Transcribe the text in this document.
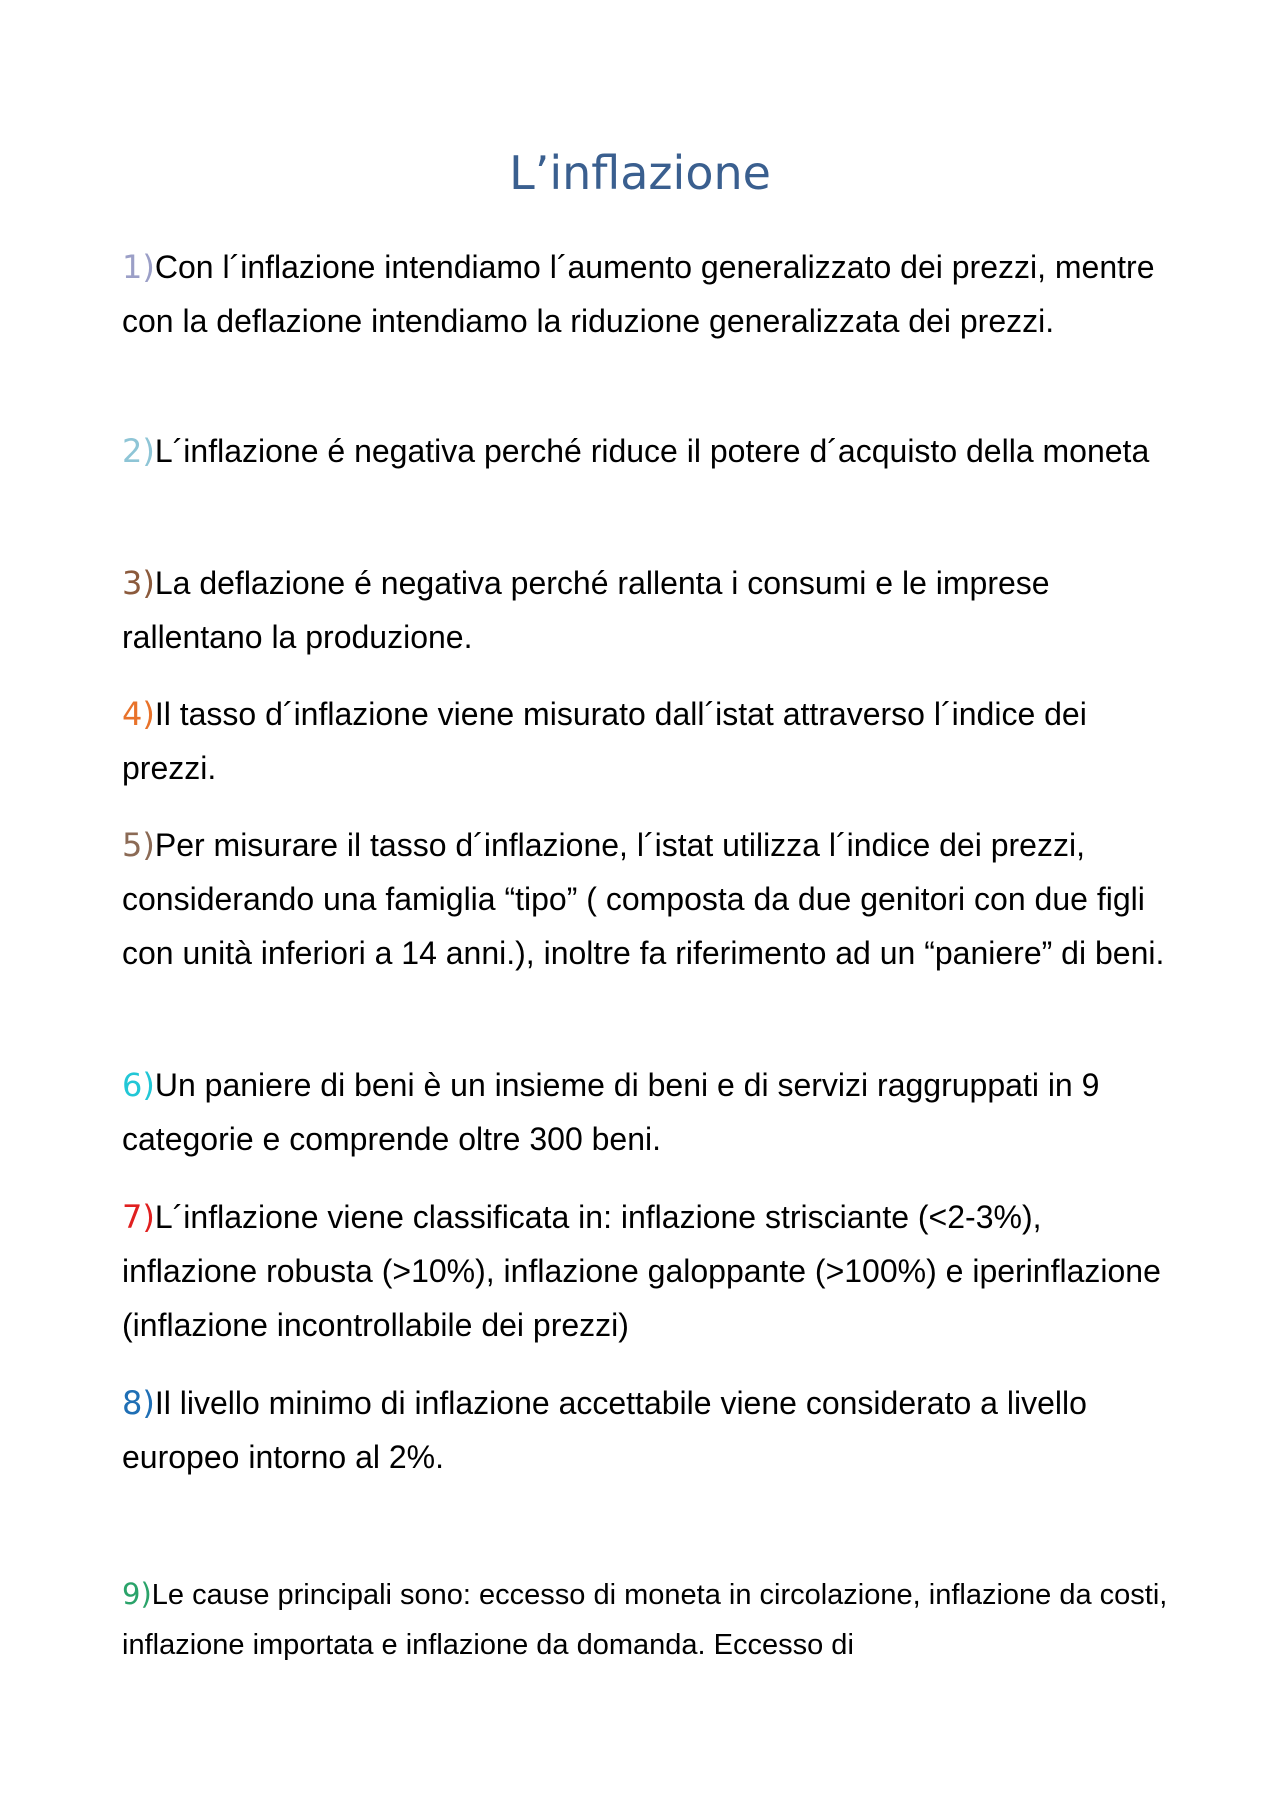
L’inflazione

1)Con l´inflazione intendiamo l´aumento generalizzato dei prezzi, mentre con la deflazione intendiamo la riduzione generalizzata dei prezzi.

2)L´inflazione é negativa perché riduce il potere d´acquisto della moneta

3)La deflazione é negativa perché rallenta i consumi e le imprese rallentano la produzione.

4)Il tasso d´inflazione viene misurato dall´istat attraverso l´indice dei prezzi.

5)Per misurare il tasso d´inflazione, l´istat utilizza l´indice dei prezzi, considerando una famiglia “tipo” ( composta da due genitori con due figli con unità inferiori a 14 anni.), inoltre fa riferimento ad un “paniere” di beni.

6)Un paniere di beni è un insieme di beni e di servizi raggruppati in 9 categorie e comprende oltre 300 beni.

7)L´inflazione viene classificata in: inflazione strisciante (<2-3%), inflazione robusta (>10%), inflazione galoppante (>100%) e iperinflazione (inflazione incontrollabile dei prezzi)

8)Il livello minimo di inflazione accettabile viene considerato a livello europeo intorno al 2%.

9)Le cause principali sono: eccesso di moneta in circolazione, inflazione da costi, inflazione importata e inflazione da domanda. Eccesso di
